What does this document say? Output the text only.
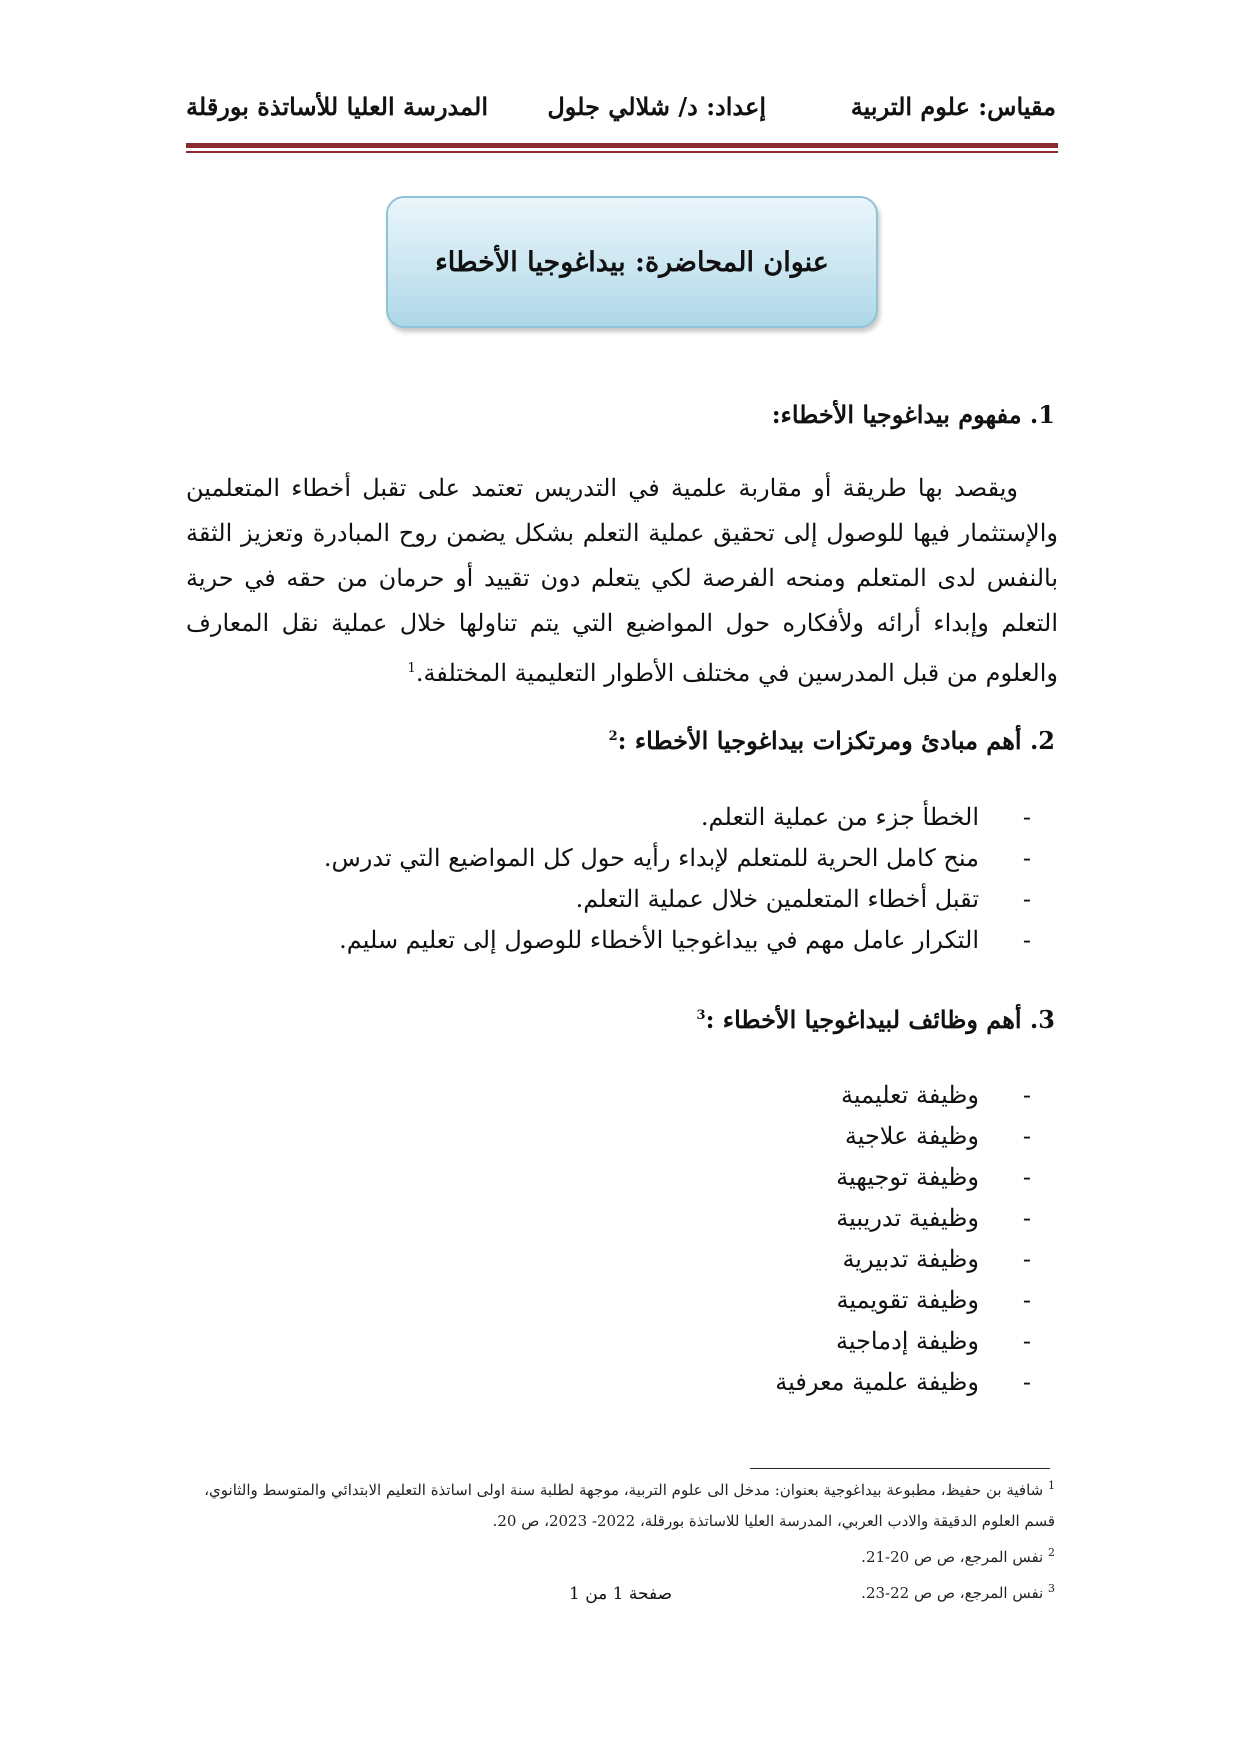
مقياس: علوم التربية
إعداد: د/ شلالي جلول
المدرسة العليا للأساتذة بورقلة
عنوان المحاضرة: بيداغوجيا الأخطاء
1. مفهوم بيداغوجيا الأخطاء:
ويقصد بها طريقة أو مقاربة علمية في التدريس تعتمد على تقبل أخطاء المتعلمين والإستثمار فيها للوصول إلى تحقيق عملية التعلم بشكل يضمن روح المبادرة وتعزيز الثقة بالنفس لدى المتعلم ومنحه الفرصة لكي يتعلم دون تقييد أو حرمان من حقه في حرية التعلم وإبداء أرائه ولأفكاره حول المواضيع التي يتم تناولها خلال عملية نقل المعارف والعلوم من قبل المدرسين في مختلف الأطوار التعليمية المختلفة.$^1$
2. أهم مبادئ ومرتكزات بيداغوجيا الأخطاء :$^2$
-
الخطأ جزء من عملية التعلم.
-
منح كامل الحرية للمتعلم لإبداء رأيه حول كل المواضيع التي تدرس.
-
تقبل أخطاء المتعلمين خلال عملية التعلم.
-
التكرار عامل مهم في بيداغوجيا الأخطاء للوصول إلى تعليم سليم.
3. أهم وظائف لبيداغوجيا الأخطاء :$^3$
-
وظيفة تعليمية
-
وظيفة علاجية
-
وظيفة توجيهية
-
وظيفية تدريبية
-
وظيفة تدبيرية
-
وظيفة تقويمية
-
وظيفة إدماجية
-
وظيفة علمية معرفية
$^1$ شافية بن حفيظ، مطبوعة بيداغوجية بعنوان: مدخل الى علوم التربية، موجهة لطلبة سنة اولى اساتذة التعليم الابتدائي والمتوسط والثانوي، قسم العلوم الدقيقة والادب العربي، المدرسة العليا للاساتذة بورقلة، 2022- 2023، ص 20.
$^2$ نفس المرجع، ص ص 20-21.
$^3$ نفس المرجع، ص ص 22-23.
صفحة 1 من 1
